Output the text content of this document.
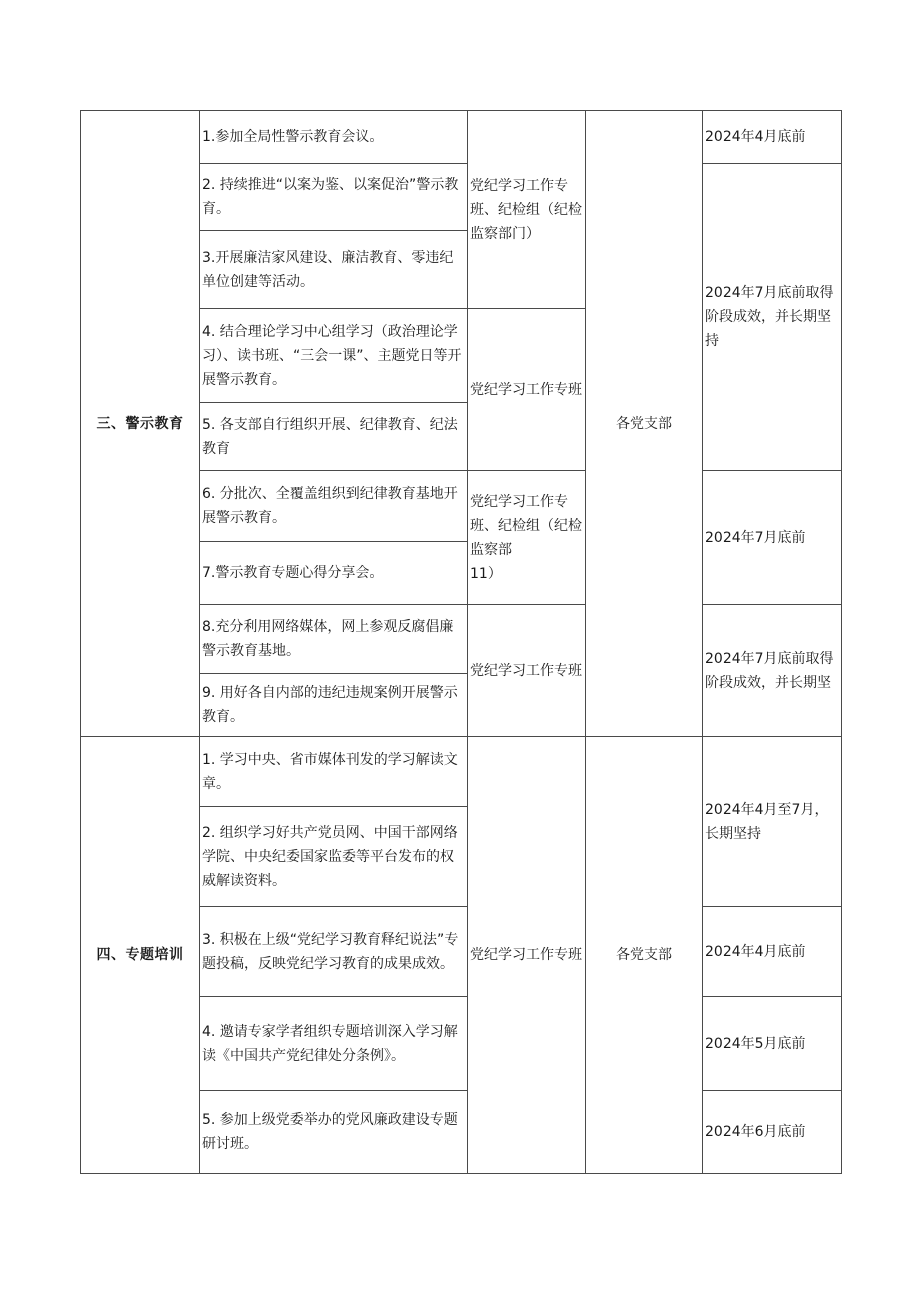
三、警示教育	1.参加全局性警示教育会议。	党纪学习工作专班、纪检组（纪检监察部门）	各党支部	2024年4月底前
	2. 持续推进“以案为鉴、以案促治”警示教育。			2024年7月底前取得阶段成效，并长期坚持
	3.开展廉洁家风建设、廉洁教育、零违纪单位创建等活动。			
	4. 结合理论学习中心组学习（政治理论学习）、读书班、“三会一课”、主题党日等开展警示教育。	党纪学习工作专班		
	5. 各支部自行组织开展、纪律教育、纪法教育			
	6. 分批次、全覆盖组织到纪律教育基地开展警示教育。	党纪学习工作专班、纪检组（纪检监察部
11）		2024年7月底前
	7.警示教育专题心得分享会。			
	8.充分利用网络媒体，网上参观反腐倡廉警示教育基地。	党纪学习工作专班		2024年7月底前取得阶段成效，并长期坚
	9. 用好各自内部的违纪违规案例开展警示教育。			
四、专题培训	1. 学习中央、省市媒体刊发的学习解读文章。	党纪学习工作专班	各党支部	2024年4月至7月，长期坚持
	2. 组织学习好共产党员网、中国干部网络学院、中央纪委国家监委等平台发布的权威解读资料。			
	3. 积极在上级“党纪学习教育释纪说法”专题投稿，反映党纪学习教育的成果成效。			2024年4月底前
	4. 邀请专家学者组织专题培训深入学习解读《中国共产党纪律处分条例》。			2024年5月底前
	5. 参加上级党委举办的党风廉政建设专题研讨班。			2024年6月底前
